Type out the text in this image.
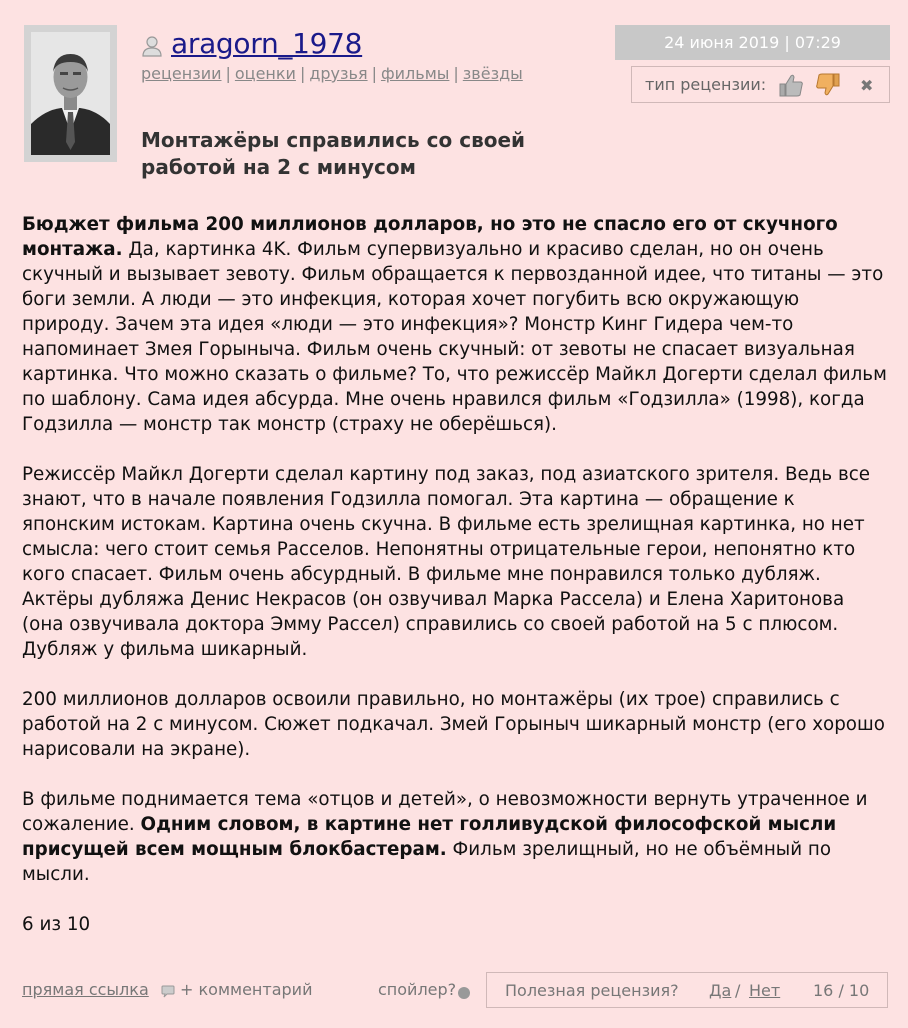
aragorn_1978
рецензии | оценки | друзья | фильмы | звёзды
Монтажёры справились со своей работой на 2 с минусом
24 июня 2019 | 07:29
тип рецензии:	✖

Бюджет фильма 200 миллионов долларов, но это не спасло его от скучного монтажа. Да, картинка 4K. Фильм супервизуально и красиво сделан, но он очень скучный и вызывает зевоту. Фильм обращается к первозданной идее, что титаны — это боги земли. А люди — это инфекция, которая хочет погубить всю окружающую природу. Зачем эта идея «люди — это инфекция»? Монстр Кинг Гидера чем-то напоминает Змея Горыныча. Фильм очень скучный: от зевоты не спасает визуальная картинка. Что можно сказать о фильме? То, что режиссёр Майкл Догерти сделал фильм по шаблону. Сама идея абсурда. Мне очень нравился фильм «Годзилла» (1998), когда Годзилла — монстр так монстр (страху не оберёшься).

Режиссёр Майкл Догерти сделал картину под заказ, под азиатского зрителя. Ведь все знают, что в начале появления Годзилла помогал. Эта картина — обращение к японским истокам. Картина очень скучна. В фильме есть зрелищная картинка, но нет смысла: чего стоит семья Расселов. Непонятны отрицательные герои, непонятно кто кого спасает. Фильм очень абсурдный. В фильме мне понравился только дубляж. Актёры дубляжа Денис Некрасов (он озвучивал Марка Рассела) и Елена Харитонова (она озвучивала доктора Эмму Рассел) справились со своей работой на 5 с плюсом. Дубляж у фильма шикарный.

200 миллионов долларов освоили правильно, но монтажёры (их трое) справились с работой на 2 с минусом. Сюжет подкачал. Змей Горыныч шикарный монстр (его хорошо нарисовали на экране).

В фильме поднимается тема «отцов и детей», о невозможности вернуть утраченное и сожаление. Одним словом, в картине нет голливудской философской мысли присущей всем мощным блокбастерам. Фильм зрелищный, но не объёмный по мысли.

6 из 10

прямая ссылка + комментарий	спойлер?	Полезная рецензия? Да / Нет 16 / 10
